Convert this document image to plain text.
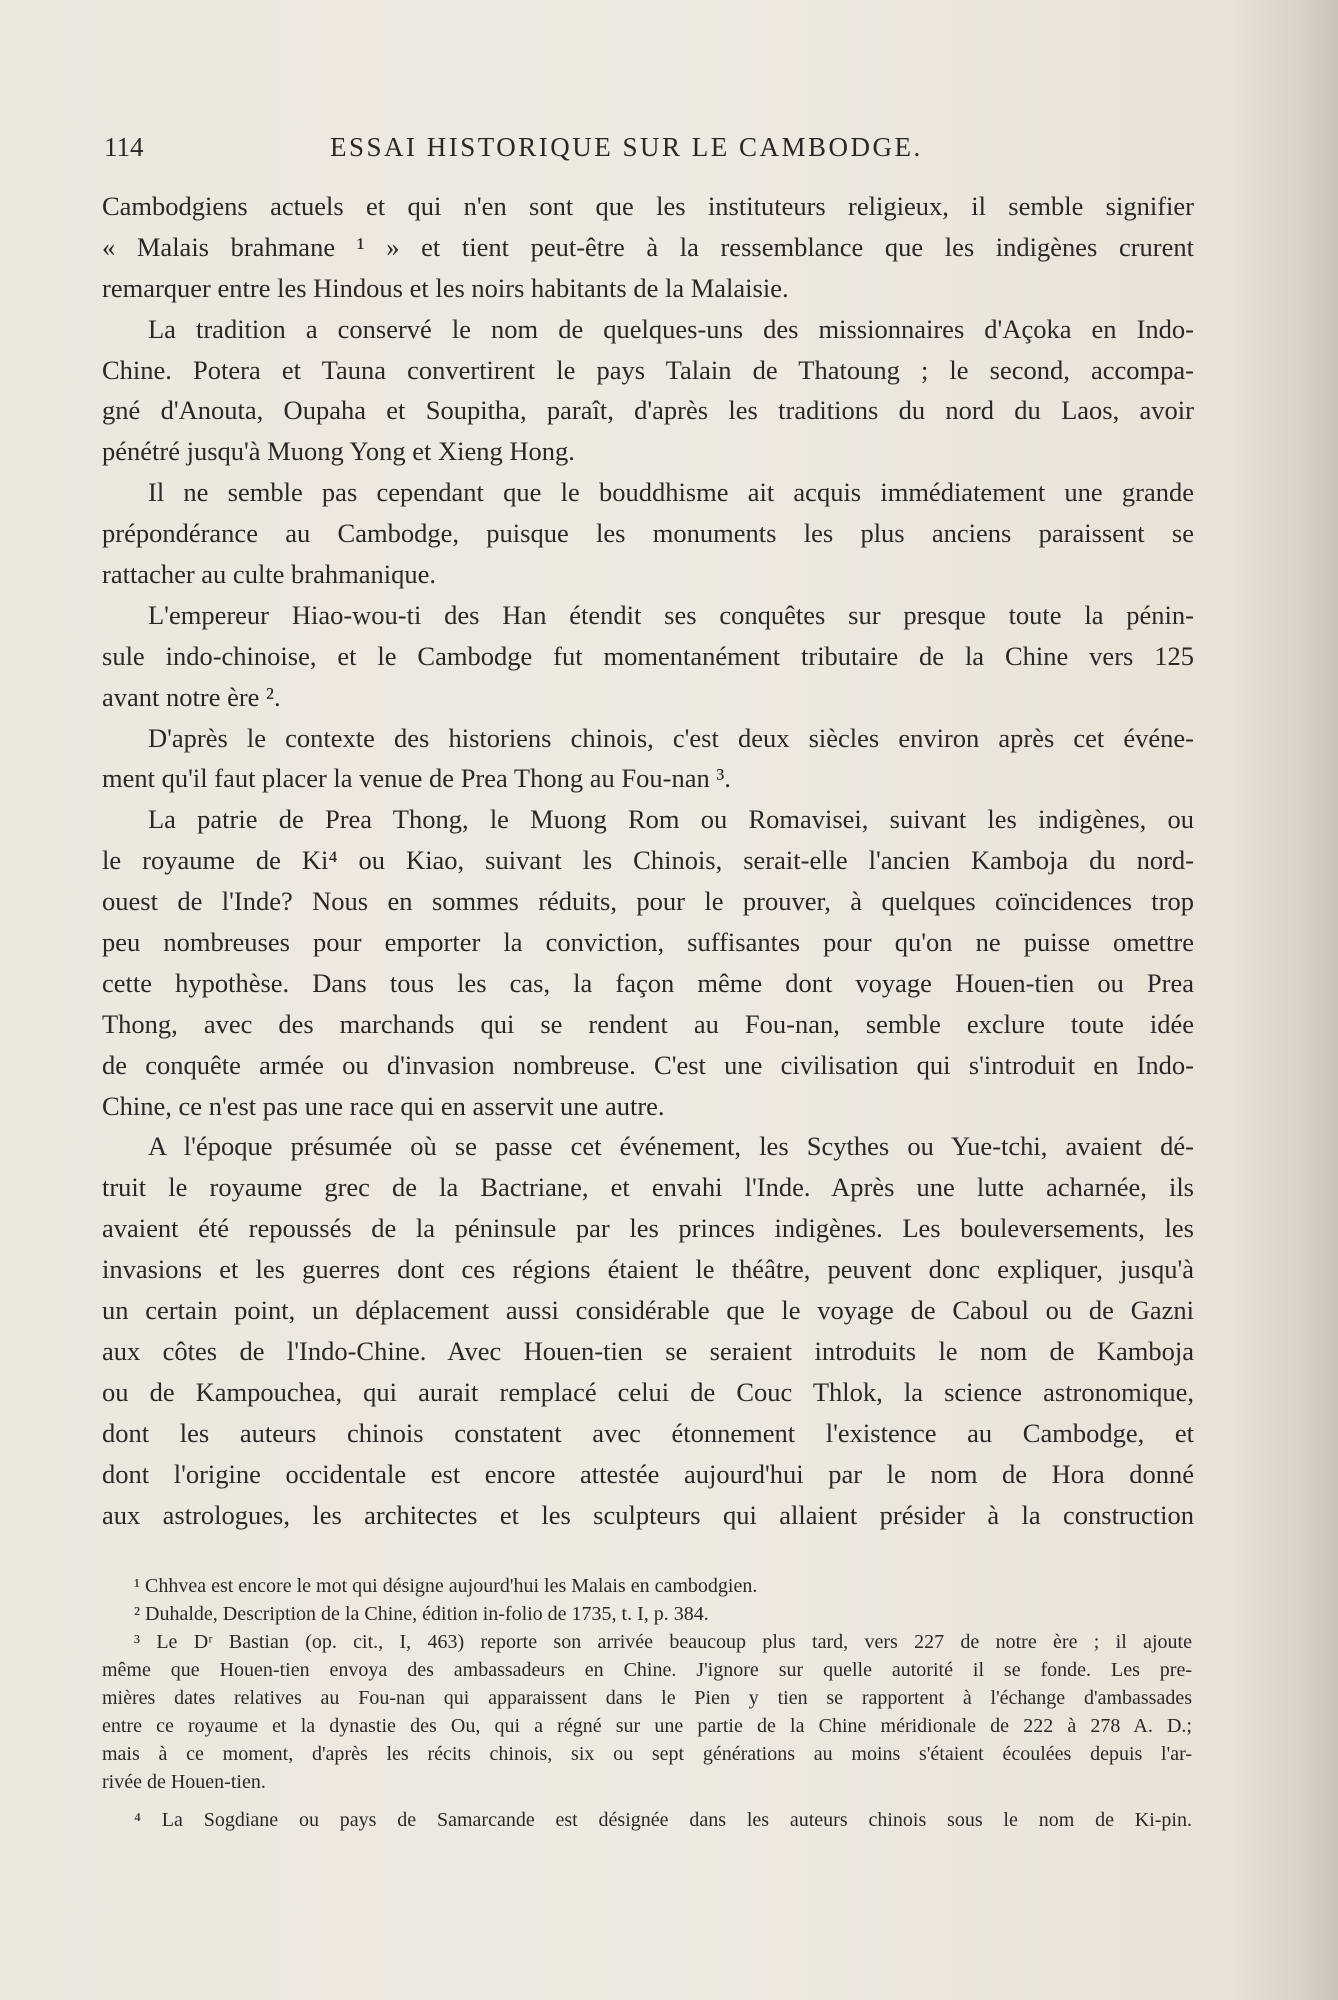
114	ESSAI HISTORIQUE SUR LE CAMBODGE.
Cambodgiens actuels et qui n'en sont que les instituteurs religieux, il semble signifier
« Malais brahmane ¹ » et tient peut-être à la ressemblance que les indigènes crurent
remarquer entre les Hindous et les noirs habitants de la Malaisie.
La tradition a conservé le nom de quelques-uns des missionnaires d'Açoka en Indo-
Chine. Potera et Tauna convertirent le pays Talain de Thatoung ; le second, accompa-
gné d'Anouta, Oupaha et Soupitha, paraît, d'après les traditions du nord du Laos, avoir
pénétré jusqu'à Muong Yong et Xieng Hong.
Il ne semble pas cependant que le bouddhisme ait acquis immédiatement une grande
prépondérance au Cambodge, puisque les monuments les plus anciens paraissent se
rattacher au culte brahmanique.
L'empereur Hiao-wou-ti des Han étendit ses conquêtes sur presque toute la pénin-
sule indo-chinoise, et le Cambodge fut momentanément tributaire de la Chine vers 125
avant notre ère ².
D'après le contexte des historiens chinois, c'est deux siècles environ après cet événe-
ment qu'il faut placer la venue de Prea Thong au Fou-nan ³.
La patrie de Prea Thong, le Muong Rom ou Romavisei, suivant les indigènes, ou
le royaume de Ki⁴ ou Kiao, suivant les Chinois, serait-elle l'ancien Kamboja du nord-
ouest de l'Inde? Nous en sommes réduits, pour le prouver, à quelques coïncidences trop
peu nombreuses pour emporter la conviction, suffisantes pour qu'on ne puisse omettre
cette hypothèse. Dans tous les cas, la façon même dont voyage Houen-tien ou Prea
Thong, avec des marchands qui se rendent au Fou-nan, semble exclure toute idée
de conquête armée ou d'invasion nombreuse. C'est une civilisation qui s'introduit en Indo-
Chine, ce n'est pas une race qui en asservit une autre.
A l'époque présumée où se passe cet événement, les Scythes ou Yue-tchi, avaient dé-
truit le royaume grec de la Bactriane, et envahi l'Inde. Après une lutte acharnée, ils
avaient été repoussés de la péninsule par les princes indigènes. Les bouleversements, les
invasions et les guerres dont ces régions étaient le théâtre, peuvent donc expliquer, jusqu'à
un certain point, un déplacement aussi considérable que le voyage de Caboul ou de Gazni
aux côtes de l'Indo-Chine. Avec Houen-tien se seraient introduits le nom de Kamboja
ou de Kampouchea, qui aurait remplacé celui de Couc Thlok, la science astronomique,
dont les auteurs chinois constatent avec étonnement l'existence au Cambodge, et
dont l'origine occidentale est encore attestée aujourd'hui par le nom de Hora donné
aux astrologues, les architectes et les sculpteurs qui allaient présider à la construction
¹ Chhvea est encore le mot qui désigne aujourd'hui les Malais en cambodgien.
² Duhalde, Description de la Chine, édition in-folio de 1735, t. I, p. 384.
³ Le Dʳ Bastian (op. cit., I, 463) reporte son arrivée beaucoup plus tard, vers 227 de notre ère ; il ajoute
même que Houen-tien envoya des ambassadeurs en Chine. J'ignore sur quelle autorité il se fonde. Les pre-
mières dates relatives au Fou-nan qui apparaissent dans le Pien y tien se rapportent à l'échange d'ambassades
entre ce royaume et la dynastie des Ou, qui a régné sur une partie de la Chine méridionale de 222 à 278 A. D.;
mais à ce moment, d'après les récits chinois, six ou sept générations au moins s'étaient écoulées depuis l'ar-
rivée de Houen-tien.
⁴ La Sogdiane ou pays de Samarcande est désignée dans les auteurs chinois sous le nom de Ki-pin.
